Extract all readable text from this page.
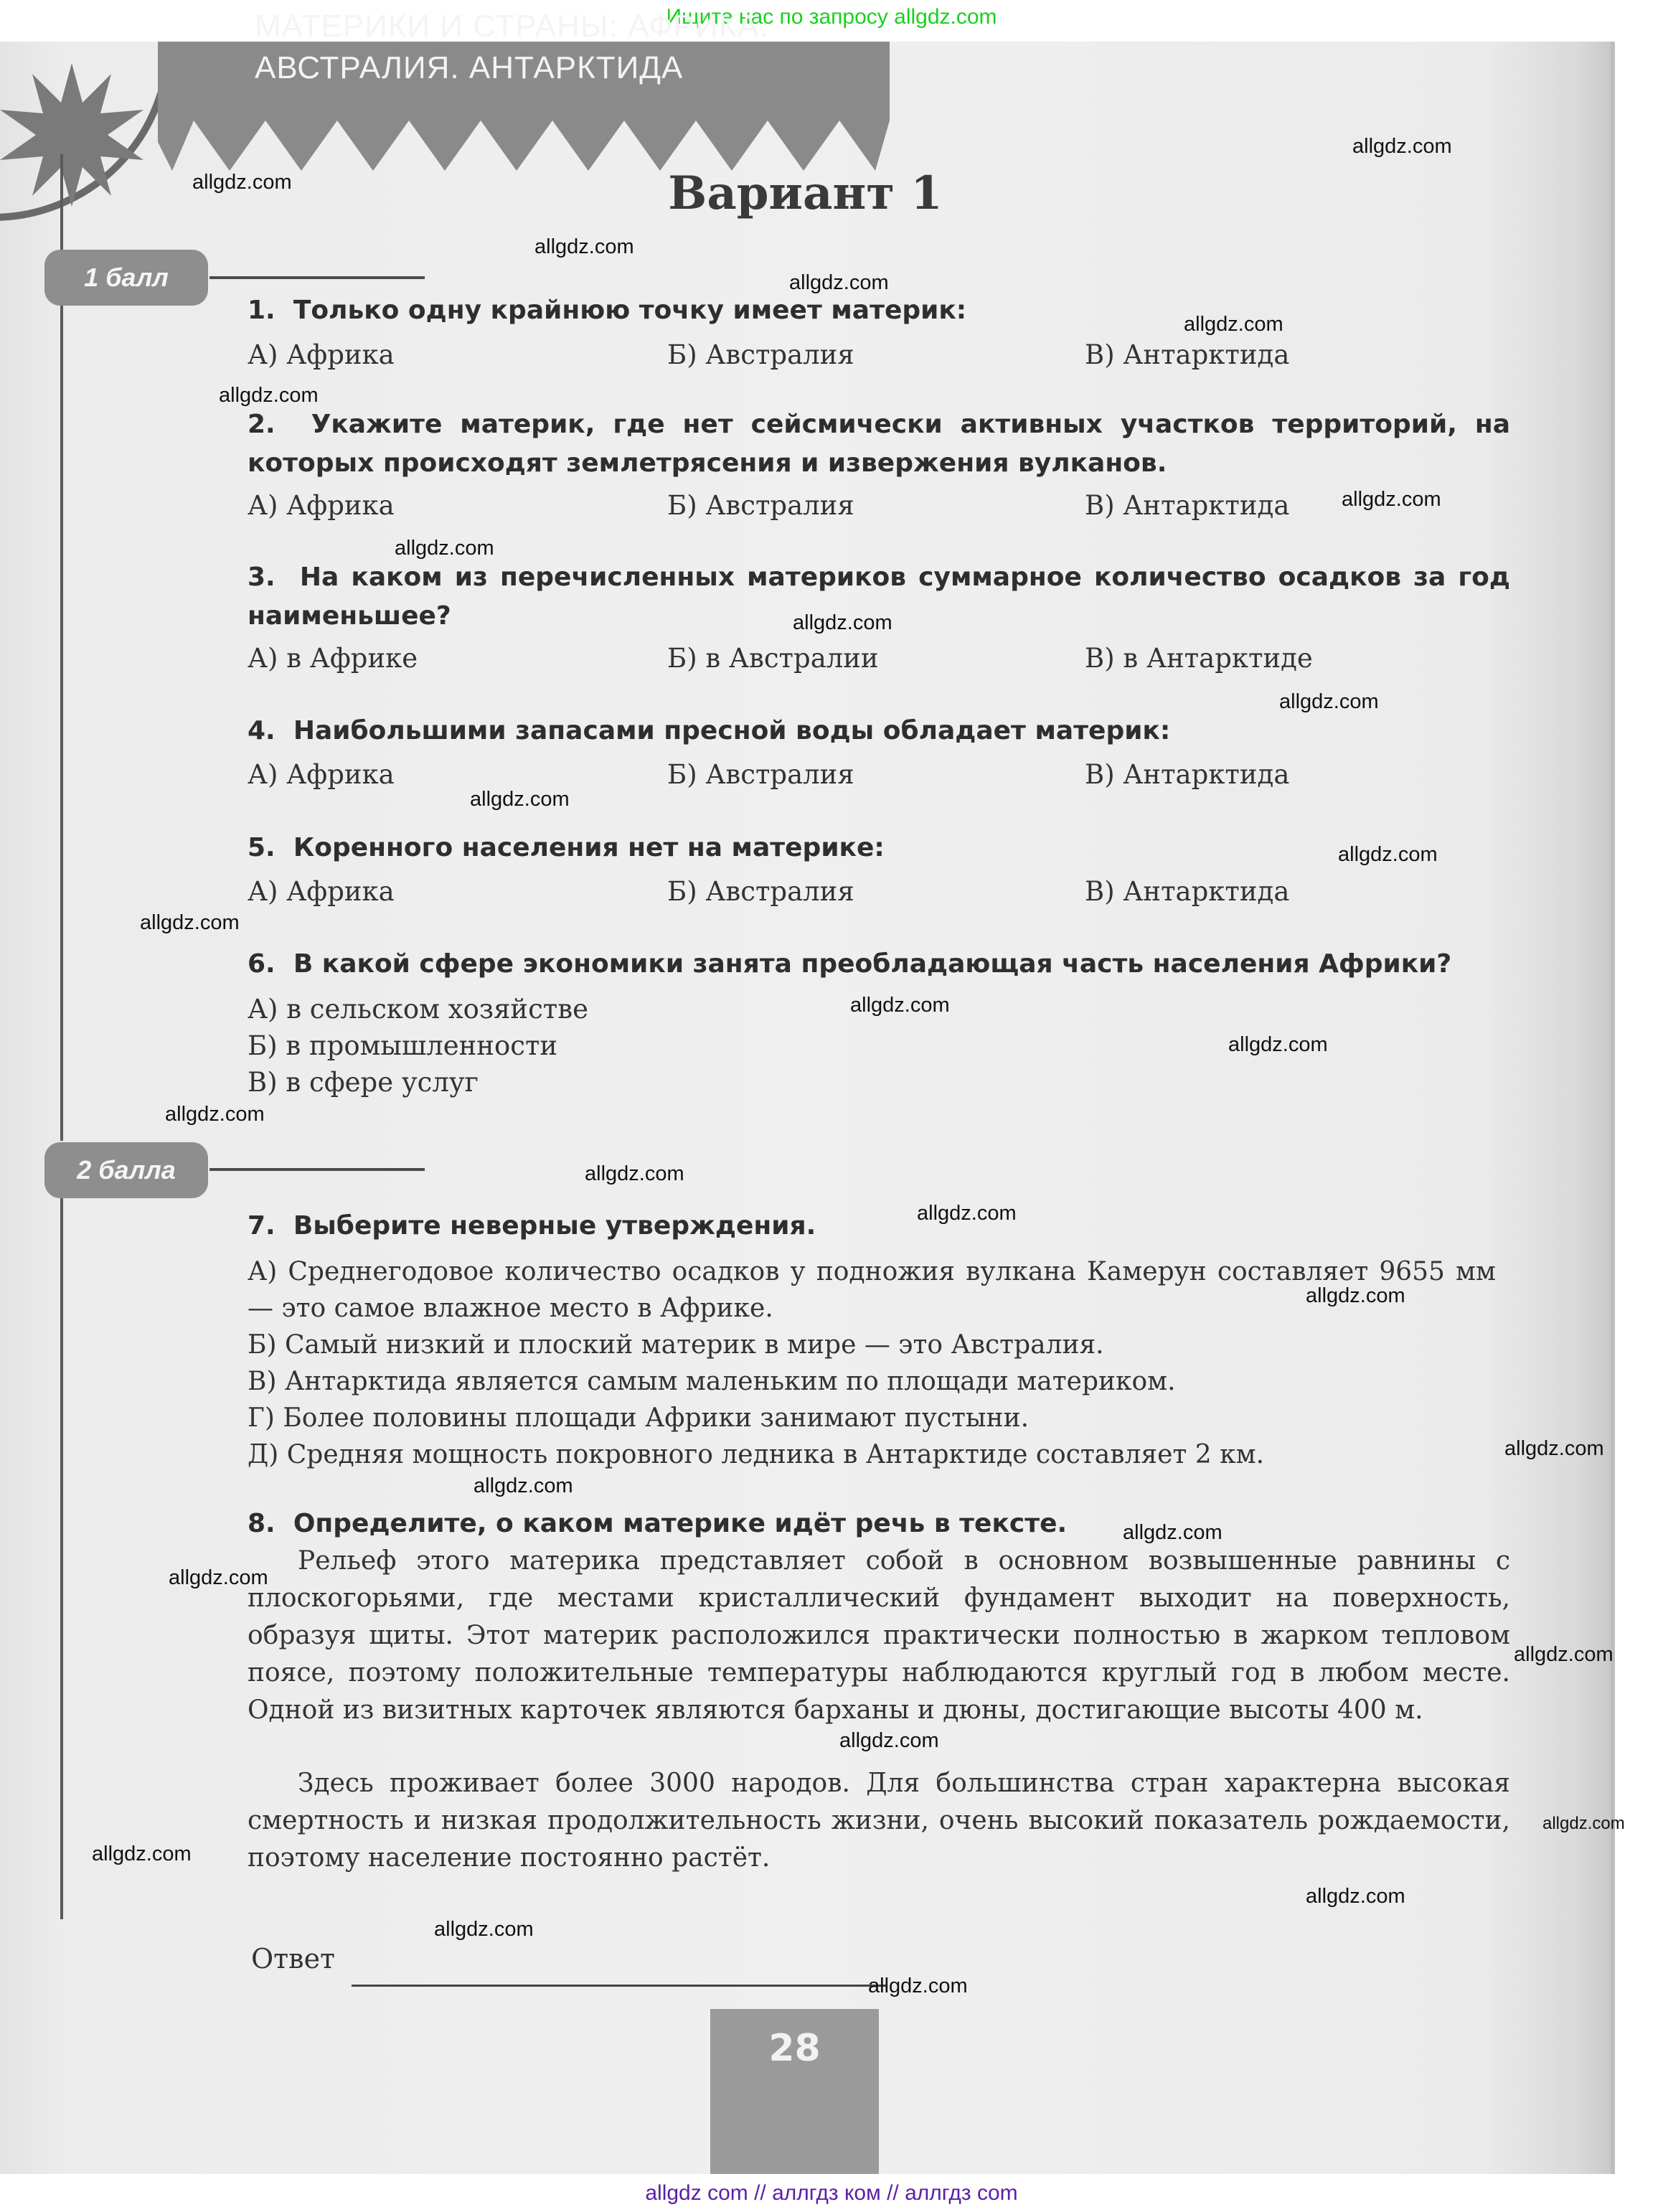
Ищите нас по запросу allgdz.com
МАТЕРИКИ И СТРАНЫ: АФРИКА.
АВСТРАЛИЯ. АНТАРКТИДА
Вариант 1
1 балл
1. Только одну крайнюю точку имеет материк:
А) Африка	Б) Австралия	В) Антарктида
2. Укажите материк, где нет сейсмически активных участков территорий, на которых происходят землетрясения и извержения вулканов.
А) Африка	Б) Австралия	В) Антарктида
3. На каком из перечисленных материков суммарное количество осадков за год наименьшее?
А) в Африке	Б) в Австралии	В) в Антарктиде
4. Наибольшими запасами пресной воды обладает материк:
А) Африка	Б) Австралия	В) Антарктида
5. Коренного населения нет на материке:
А) Африка	Б) Австралия	В) Антарктида
6. В какой сфере экономики занята преобладающая часть населения Африки?
А) в сельском хозяйстве
Б) в промышленности
В) в сфере услуг
2 балла
7. Выберите неверные утверждения.
А) Среднегодовое количество осадков у подножия вулкана Камерун составляет 9655 мм — это самое влажное место в Африке.
Б) Самый низкий и плоский материк в мире — это Австралия.
В) Антарктида является самым маленьким по площади материком.
Г) Более половины площади Африки занимают пустыни.
Д) Средняя мощность покровного ледника в Антарктиде составляет 2 км.
8. Определите, о каком материке идёт речь в тексте.
Рельеф этого материка представляет собой в основном возвышенные равнины с плоскогорьями, где местами кристаллический фундамент выходит на поверхность, образуя щиты. Этот материк расположился практически полностью в жарком тепловом поясе, поэтому положительные температуры наблюдаются круглый год в любом месте. Одной из визитных карточек являются барханы и дюны, достигающие высоты 400 м.
Здесь проживает более 3000 народов. Для большинства стран характерна высокая смертность и низкая продолжительность жизни, очень высокий показатель рождаемости, поэтому население постоянно растёт.
Ответ
28
allgdz.com
allgdz.com
allgdz.com
allgdz.com
allgdz.com
allgdz.com
allgdz.com
allgdz.com
allgdz.com
allgdz.com
allgdz.com
allgdz.com
allgdz.com
allgdz.com
allgdz.com
allgdz.com
allgdz.com
allgdz.com
allgdz.com
allgdz.com
allgdz.com
allgdz.com
allgdz.com
allgdz.com
allgdz.com
allgdz.com
allgdz.com
allgdz.com
allgdz.com
allgdz.com
allgdz com // аллгдз ком // аллгдз com
